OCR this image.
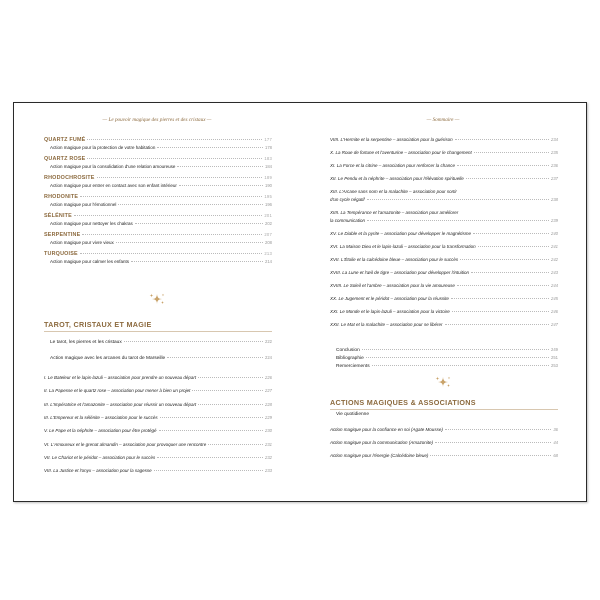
— Le pouvoir magique des pierres et des cristaux —
QUARTZ FUMÉ	177
Action magique pour la protection de votre habitation	178
QUARTZ ROSE	183
Action magique pour la consolidation d'une relation amoureuse	184
RHODOCHROSITE	189
Action magique pour entrer en contact avec son enfant intérieur	190
RHODONITE	195
Action magique pour l'émotionnel	196
SÉLÉNITE	201
Action magique pour nettoyer les chakras	202
SERPENTINE	207
Action magique pour vivre vieux	208
TURQUOISE	213
Action magique pour calmer les enfants	214
TAROT, CRISTAUX ET MAGIE
Le tarot, les pierres et les cristaux	222
Action magique avec les arcanes du tarot de Marseille	224
I. Le Bateleur et le lapis-lazuli – association pour prendre un nouveau départ	226
II. La Papesse et le quartz rose – association pour mener à bien un projet	227
III. L'Impératrice et l'amazonite – association pour réussir un nouveau départ	228
III. L'Empereur et la sélénite – association pour le succès	229
V. Le Pape et la néphrite – association pour être protégé	230
VI. L'Amoureux et le grenat almandin – association pour provoquer une rencontre	231
VII. Le Chariot et le péridot – association pour le succès	232
VIII. La Justice et l'onyx – association pour la sagesse	233
— Sommaire —
VIIII. L'Hermite et la serpentine – association pour la guérison	234
X. La Roue de fortune et l'aventurine – association pour le changement	235
XI. La Force et la citrine – association pour renforcer la chance	236
XII. Le Pendu et la néphrite – association pour l'élévation spirituelle	237
XIII. L'Arcane sans nom et la malachite – association pour sortir
d'un cycle négatif	238
XIIII. La Tempérance et l'amazonite – association pour améliorer
la communication	239
XV. Le Diable et la pyrite – association pour développer le magnétisme	240
XVI. La Maison Dieu et le lapis-lazuli – association pour la transformation	241
XVII. L'Étoile et la calcédoine bleue – association pour le succès	242
XVIII. La Lune et l'œil de tigre – association pour développer l'intuition	243
XVIIII. Le Soleil et l'ambre – association pour la vie amoureuse	244
XX. Le Jugement et le péridot – association pour la réussite	245
XXI. Le Monde et le lapis-lazuli – association pour la victoire	246
XXII. Le Mat et la malachite – association pour se libérer	247
Conclusion	249
Bibliographie	251
Remerciements	253
ACTIONS MAGIQUES & ASSOCIATIONS
Vie quotidienne
Action magique pour la confiance en soi (Agate Mousse)	36
Action magique pour la communication (Amazonite)	44
Action magique pour l'énergie (Calcédoine bleue)	68
